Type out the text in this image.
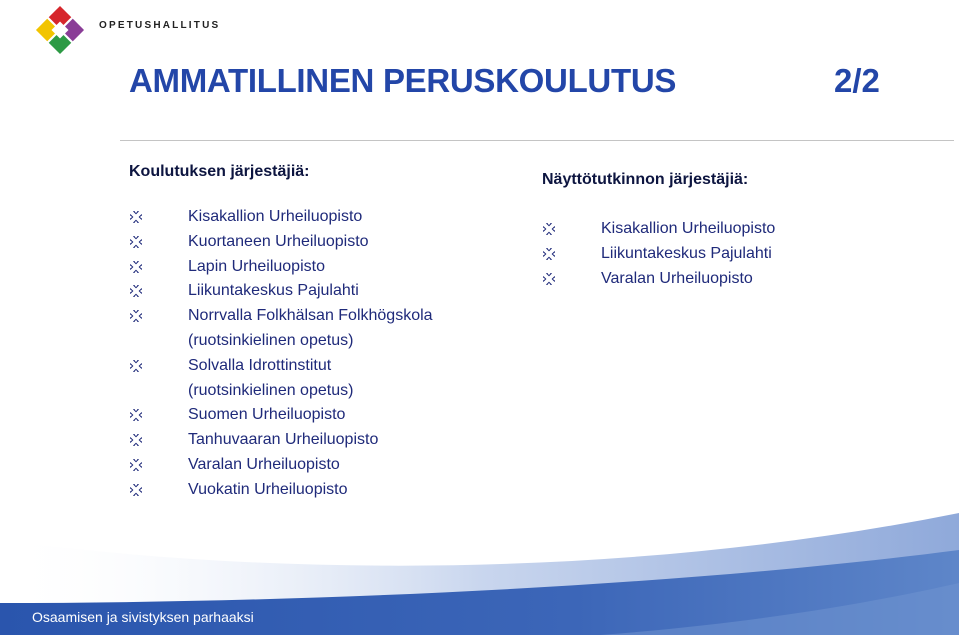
OPETUSHALLITUS
AMMATILLINEN PERUSKOULUTUS	2/2
Koulutuksen järjestäjiä:
Kisakallion Urheiluopisto
Kuortaneen Urheiluopisto
Lapin Urheiluopisto
Liikuntakeskus Pajulahti
Norrvalla Folkhälsan Folkhögskola
(ruotsinkielinen opetus)
Solvalla Idrottinstitut
(ruotsinkielinen opetus)
Suomen Urheiluopisto
Tanhuvaaran Urheiluopisto
Varalan Urheiluopisto
Vuokatin Urheiluopisto
Näyttötutkinnon järjestäjiä:
Kisakallion Urheiluopisto
Liikuntakeskus Pajulahti
Varalan Urheiluopisto
Osaamisen ja sivistyksen parhaaksi
